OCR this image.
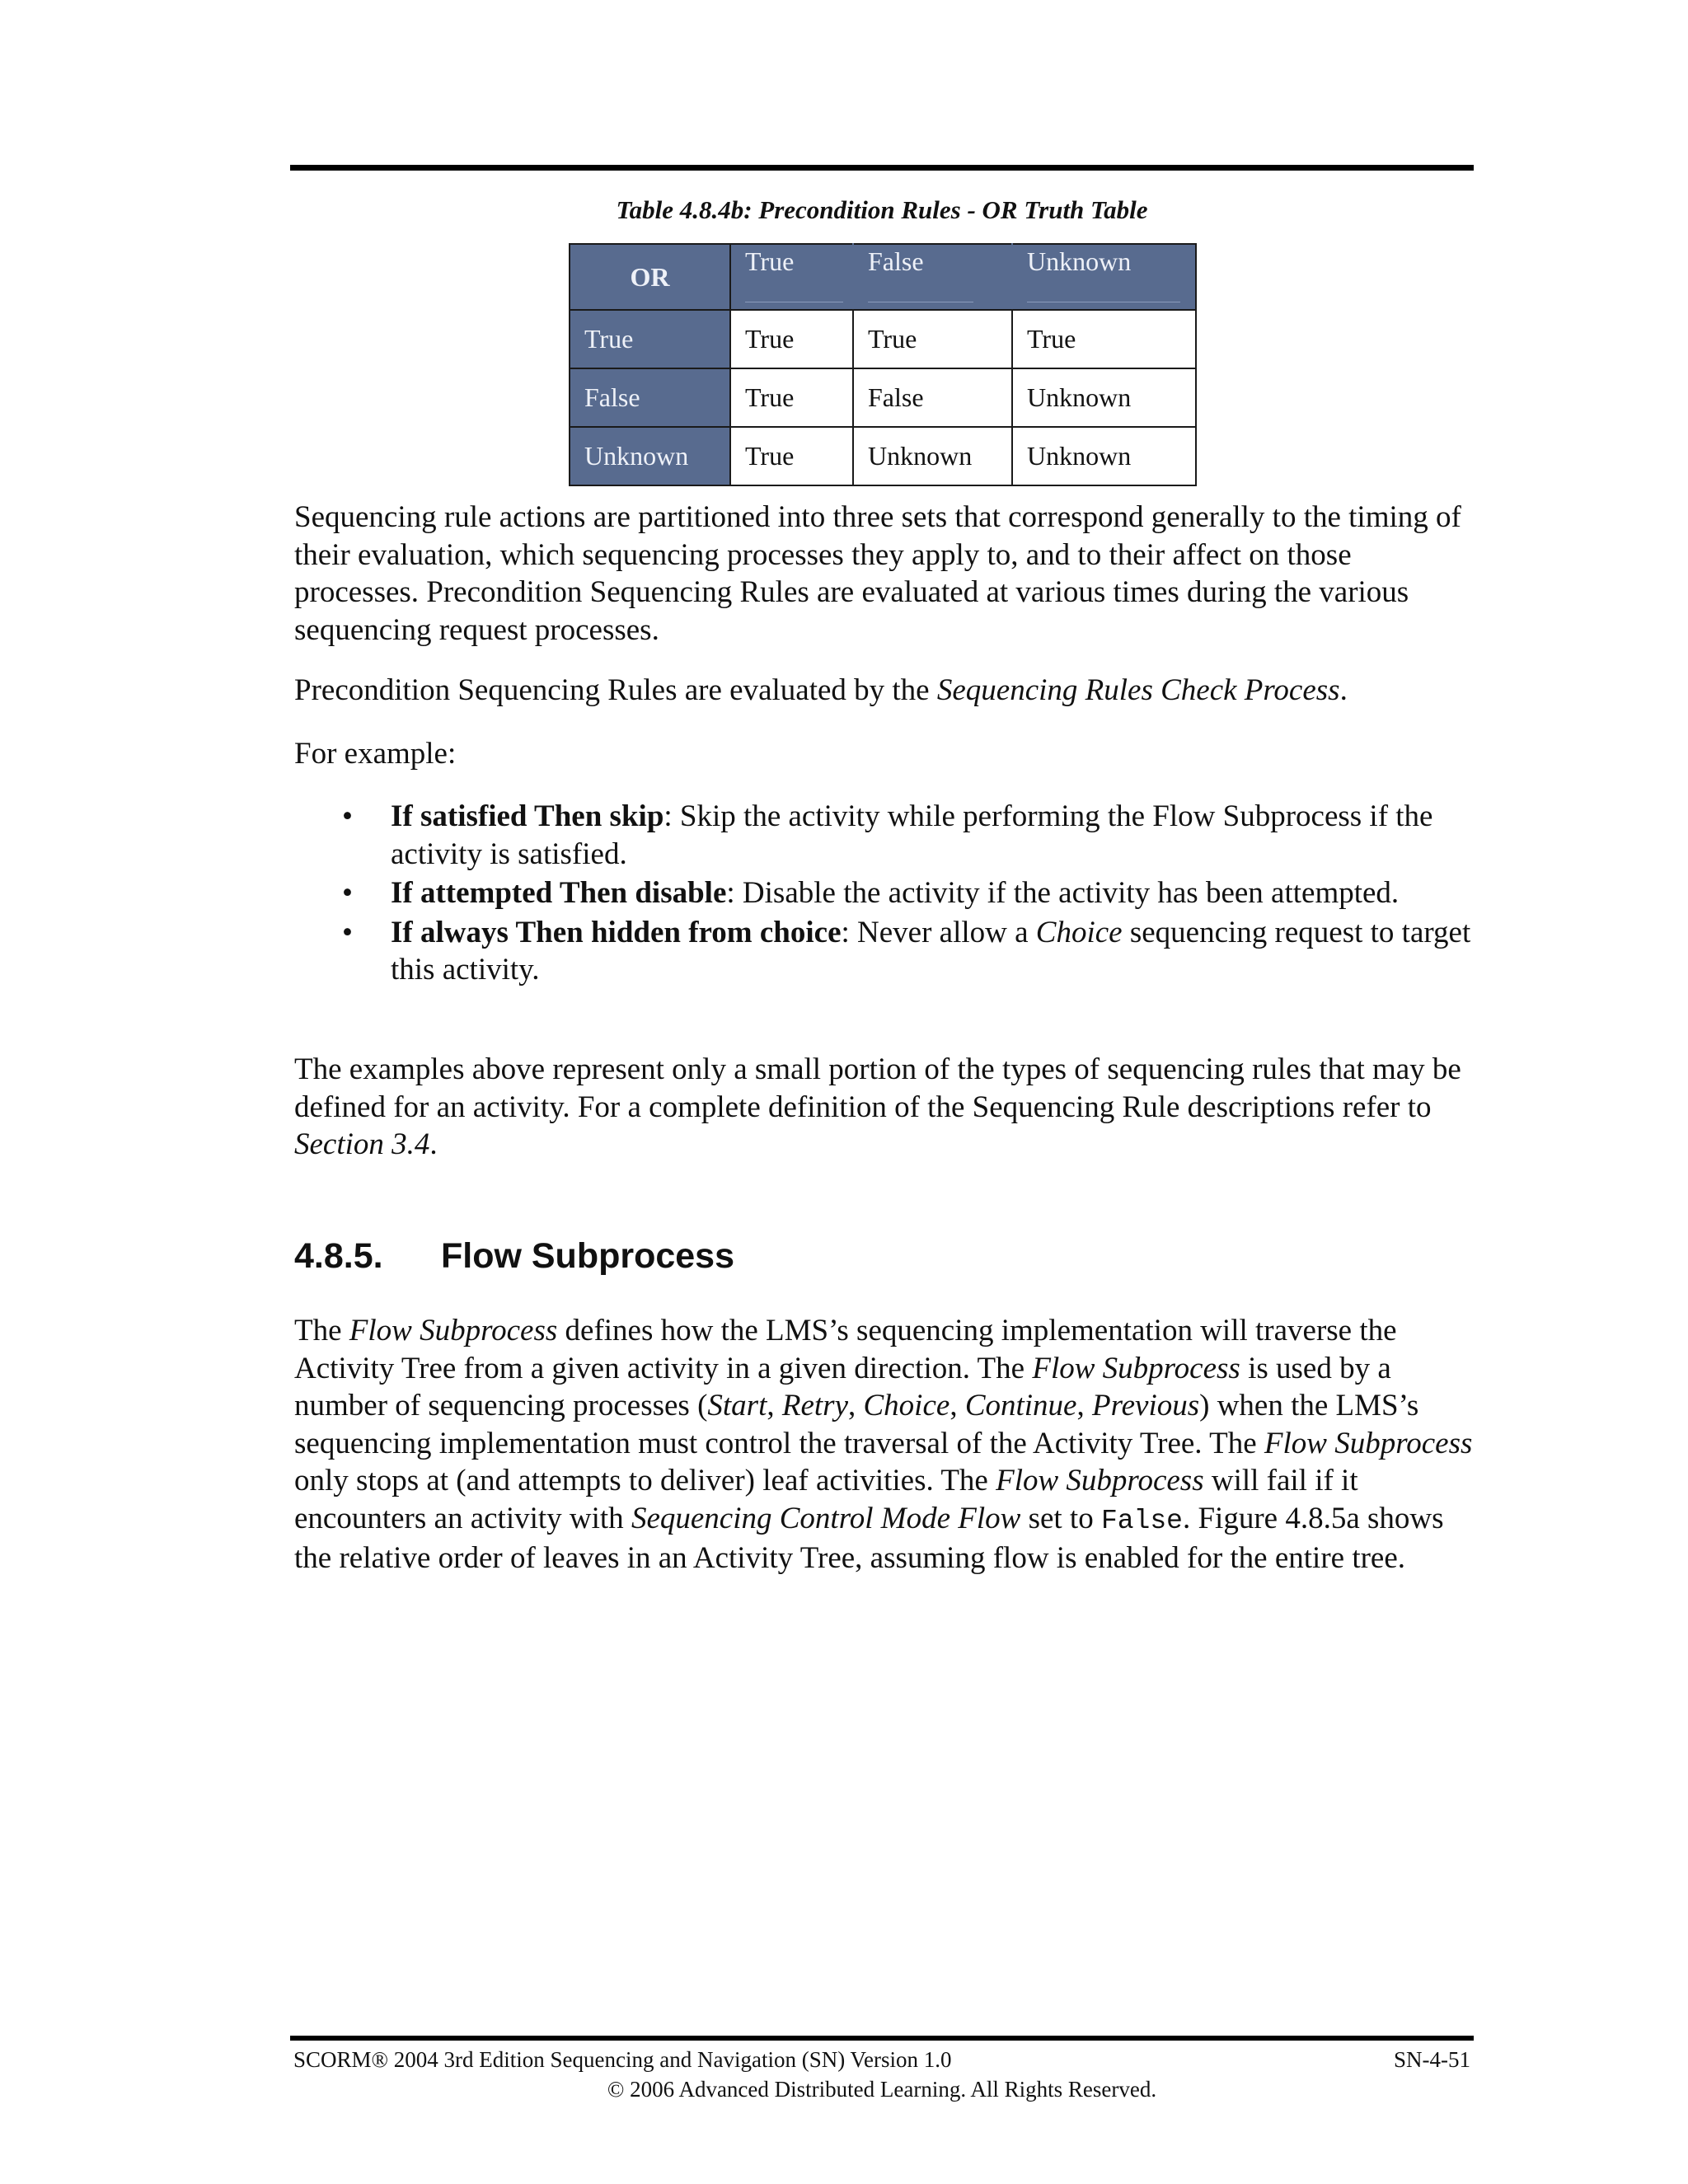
Table 4.8.4b: Precondition Rules - OR Truth Table
OR	True	False	Unknown
True	True	True	True
False	True	False	Unknown
Unknown	True	Unknown	Unknown

Sequencing rule actions are partitioned into three sets that correspond generally to the timing of their evaluation, which sequencing processes they apply to, and to their affect on those processes. Precondition Sequencing Rules are evaluated at various times during the various sequencing request processes.

Precondition Sequencing Rules are evaluated by the Sequencing Rules Check Process.

For example:

• If satisfied Then skip: Skip the activity while performing the Flow Subprocess if the activity is satisfied.
• If attempted Then disable: Disable the activity if the activity has been attempted.
• If always Then hidden from choice: Never allow a Choice sequencing request to target this activity.

The examples above represent only a small portion of the types of sequencing rules that may be defined for an activity. For a complete definition of the Sequencing Rule descriptions refer to Section 3.4.

4.8.5. Flow Subprocess

The Flow Subprocess defines how the LMS’s sequencing implementation will traverse the Activity Tree from a given activity in a given direction. The Flow Subprocess is used by a number of sequencing processes (Start, Retry, Choice, Continue, Previous) when the LMS’s sequencing implementation must control the traversal of the Activity Tree. The Flow Subprocess only stops at (and attempts to deliver) leaf activities. The Flow Subprocess will fail if it encounters an activity with Sequencing Control Mode Flow set to False. Figure 4.8.5a shows the relative order of leaves in an Activity Tree, assuming flow is enabled for the entire tree.

SCORM® 2004 3rd Edition Sequencing and Navigation (SN) Version 1.0	SN-4-51
© 2006 Advanced Distributed Learning. All Rights Reserved.
